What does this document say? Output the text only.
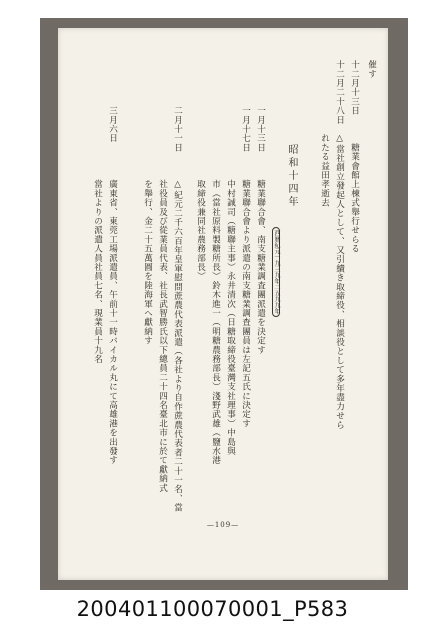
催す
十二月十三日　　　糖業會館上棟式舉行せらる
十二月二十八日　△當社創立發起人として、又引續き取締役、相談役として多年盡力せら
　　　　　　　　れたる益田孝逝去
昭和十四年
西暦紀元一九三九年二五九九年
一月十三日　　　糖業聯合會、南支糖業調査團派遣を決定す
一月十七日　　　糖業聯合會より派遣の南支糖業調査團員は左記五氏に決定す
　　　　　　　　中村誠司（糖聯主事）永井清次（日糖取締役臺灣支社理事）中島與
　　　　　　　　市（當社原料製糖所長）鈴木進一（明糖農務部長）淺野武雄（鹽水港
　　　　　　　　取締役兼同社農務部長）
二月十一日　　　△紀元二千六百年皇軍慰問蔗農代表派遣（各社より自作蔗農代表者二十一名、當
　　　　　　　　社役員及び從業員代表、社長武智勝氏以下總員二十四名臺北市に於て獻納式
　　　　　　　　を舉行、金二十五萬圓を陸海軍へ獻納す
三月六日　　　　廣東省、東莞工場派遣員、午前十一時バイカル丸にて高雄港を出發す
　　　　　　　　當社よりの派遣人員社員七名、現業員十九名
—109—
200401100070001_P583
